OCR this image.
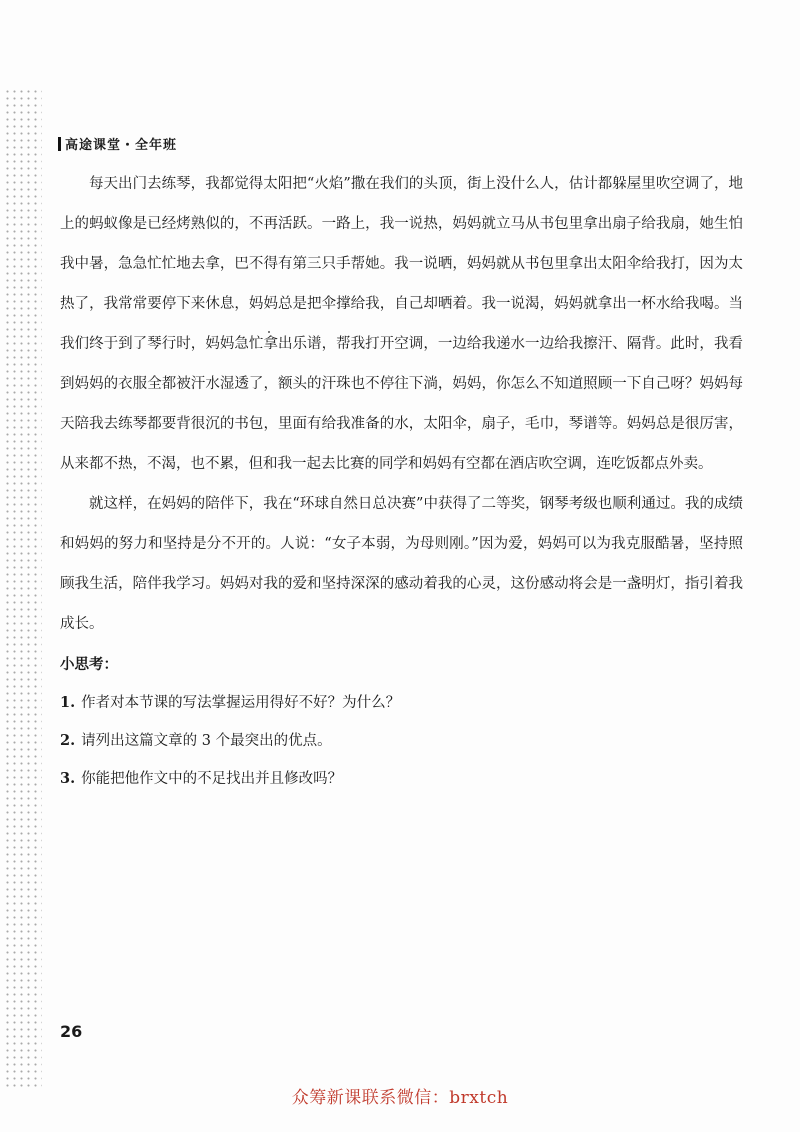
高途课堂・全年班

每天出门去练琴，我都觉得太阳把“火焰”撒在我们的头顶，街上没什么人，估计都躲屋里吹空调了，地上的蚂蚁像是已经烤熟似的，不再活跃。一路上，我一说热，妈妈就立马从书包里拿出扇子给我扇，她生怕我中暑，急急忙忙地去拿，巴不得有第三只手帮她。我一说晒，妈妈就从书包里拿出太阳伞给我打，因为太热了，我常常要停下来休息，妈妈总是把伞撑给我，自己却晒着。我一说渴，妈妈就拿出一杯水给我喝。当我们终于到了琴行时，妈妈急忙拿出乐谱，帮我打开空调，一边给我递水一边给我擦汗、隔背。此时，我看到妈妈的衣服全都被汗水湿透了，额头的汗珠也不停往下淌，妈妈，你怎么不知道照顾一下自己呀？妈妈每天陪我去练琴都要背很沉的书包，里面有给我准备的水，太阳伞，扇子，毛巾，琴谱等。妈妈总是很厉害，从来都不热，不渴，也不累，但和我一起去比赛的同学和妈妈有空都在酒店吹空调，连吃饭都点外卖。

就这样，在妈妈的陪伴下，我在“环球自然日总决赛”中获得了二等奖，钢琴考级也顺利通过。我的成绩和妈妈的努力和坚持是分不开的。人说：“女子本弱，为母则刚。”因为爱，妈妈可以为我克服酷暑，坚持照顾我生活，陪伴我学习。妈妈对我的爱和坚持深深的感动着我的心灵，这份感动将会是一盏明灯，指引着我成长。

小思考：
1. 作者对本节课的写法掌握运用得好不好？为什么？
2. 请列出这篇文章的 3 个最突出的优点。
3. 你能把他作文中的不足找出并且修改吗？
26
众筹新课联系微信：brxtch
